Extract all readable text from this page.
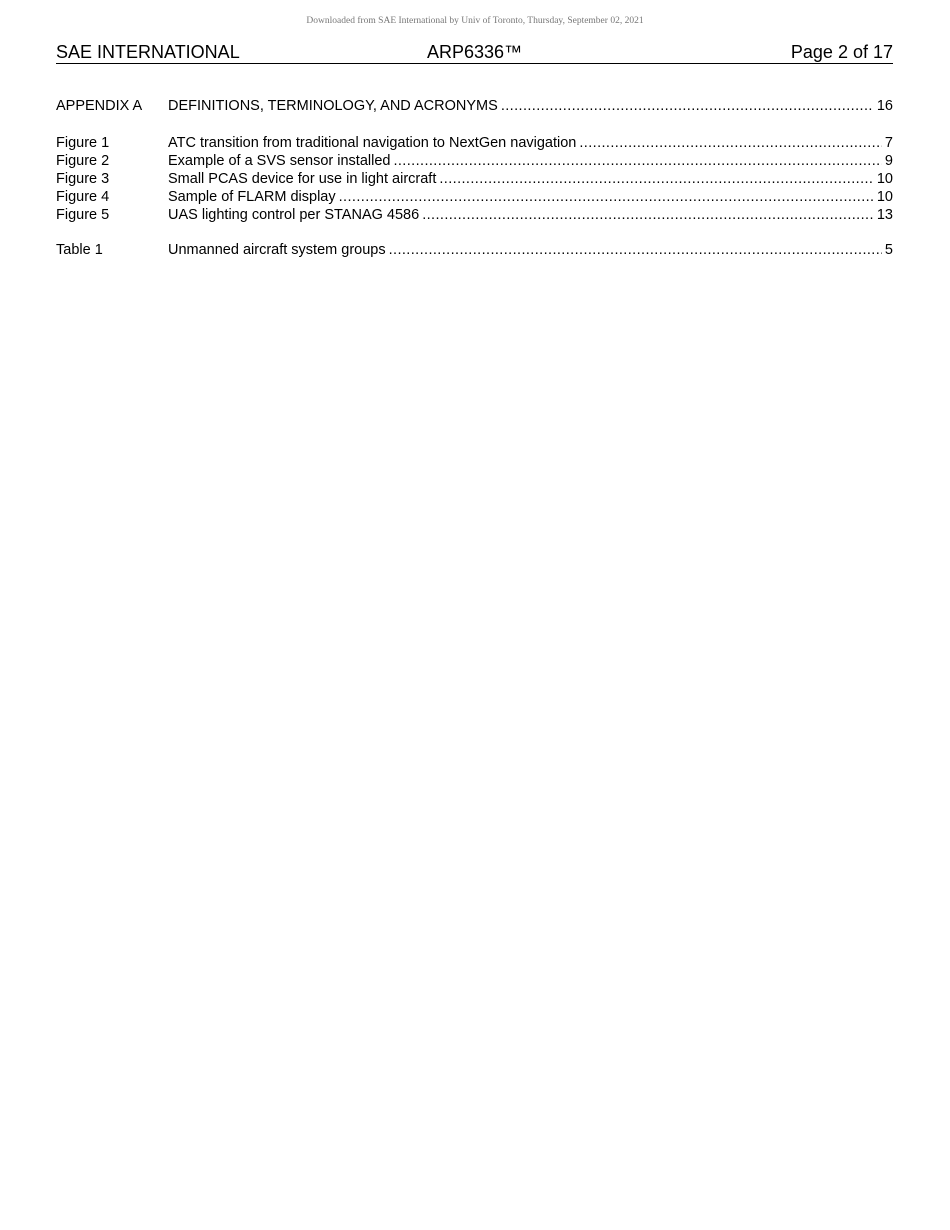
Downloaded from SAE International by Univ of Toronto, Thursday, September 02, 2021
SAE INTERNATIONAL	ARP6336™	Page 2 of 17
APPENDIX A	DEFINITIONS, TERMINOLOGY, AND ACRONYMS .....	16
Figure 1	ATC transition from traditional navigation to NextGen navigation .....	7
Figure 2	Example of a SVS sensor installed .....	9
Figure 3	Small PCAS device for use in light aircraft .....	10
Figure 4	Sample of FLARM display .....	10
Figure 5	UAS lighting control per STANAG 4586 .....	13
Table 1	Unmanned aircraft system groups .....	5
